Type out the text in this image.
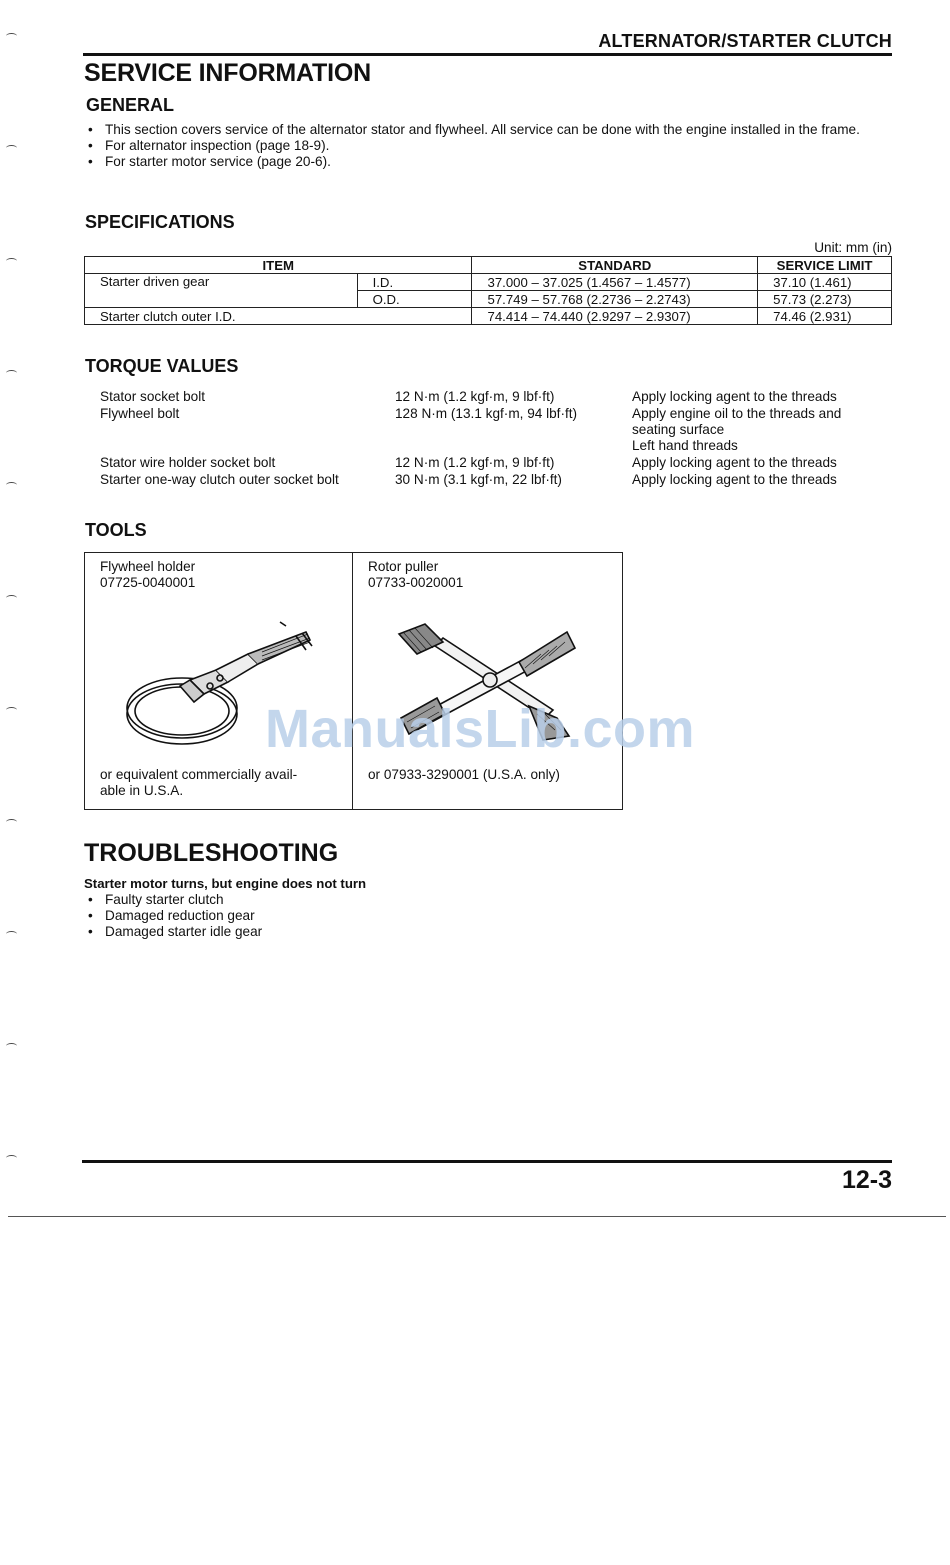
ALTERNATOR/STARTER CLUTCH
SERVICE INFORMATION
GENERAL
• This section covers service of the alternator stator and flywheel. All service can be done with the engine installed in the frame.
• For alternator inspection (page 18-9).
• For starter motor service (page 20-6).
SPECIFICATIONS
Unit: mm (in)
ITEM		STANDARD	SERVICE LIMIT
Starter driven gear	I.D.	37.000 – 37.025 (1.4567 – 1.4577)	37.10 (1.461)
	O.D.	57.749 – 57.768 (2.2736 – 2.2743)	57.73 (2.273)
Starter clutch outer I.D.		74.414 – 74.440 (2.9297 – 2.9307)	74.46 (2.931)
TORQUE VALUES
Stator socket bolt	12 N·m (1.2 kgf·m, 9 lbf·ft)	Apply locking agent to the threads
Flywheel bolt	128 N·m (13.1 kgf·m, 94 lbf·ft)	Apply engine oil to the threads and
seating surface
Left hand threads
Stator wire holder socket bolt	12 N·m (1.2 kgf·m, 9 lbf·ft)	Apply locking agent to the threads
Starter one-way clutch outer socket bolt	30 N·m (3.1 kgf·m, 22 lbf·ft)	Apply locking agent to the threads
TOOLS
Flywheel holder
07725-0040001
or equivalent commercially avail-
able in U.S.A.
Rotor puller
07733-0020001
or 07933-3290001 (U.S.A. only)
ManualsLib.com
TROUBLESHOOTING
Starter motor turns, but engine does not turn
• Faulty starter clutch
• Damaged reduction gear
• Damaged starter idle gear
12-3
